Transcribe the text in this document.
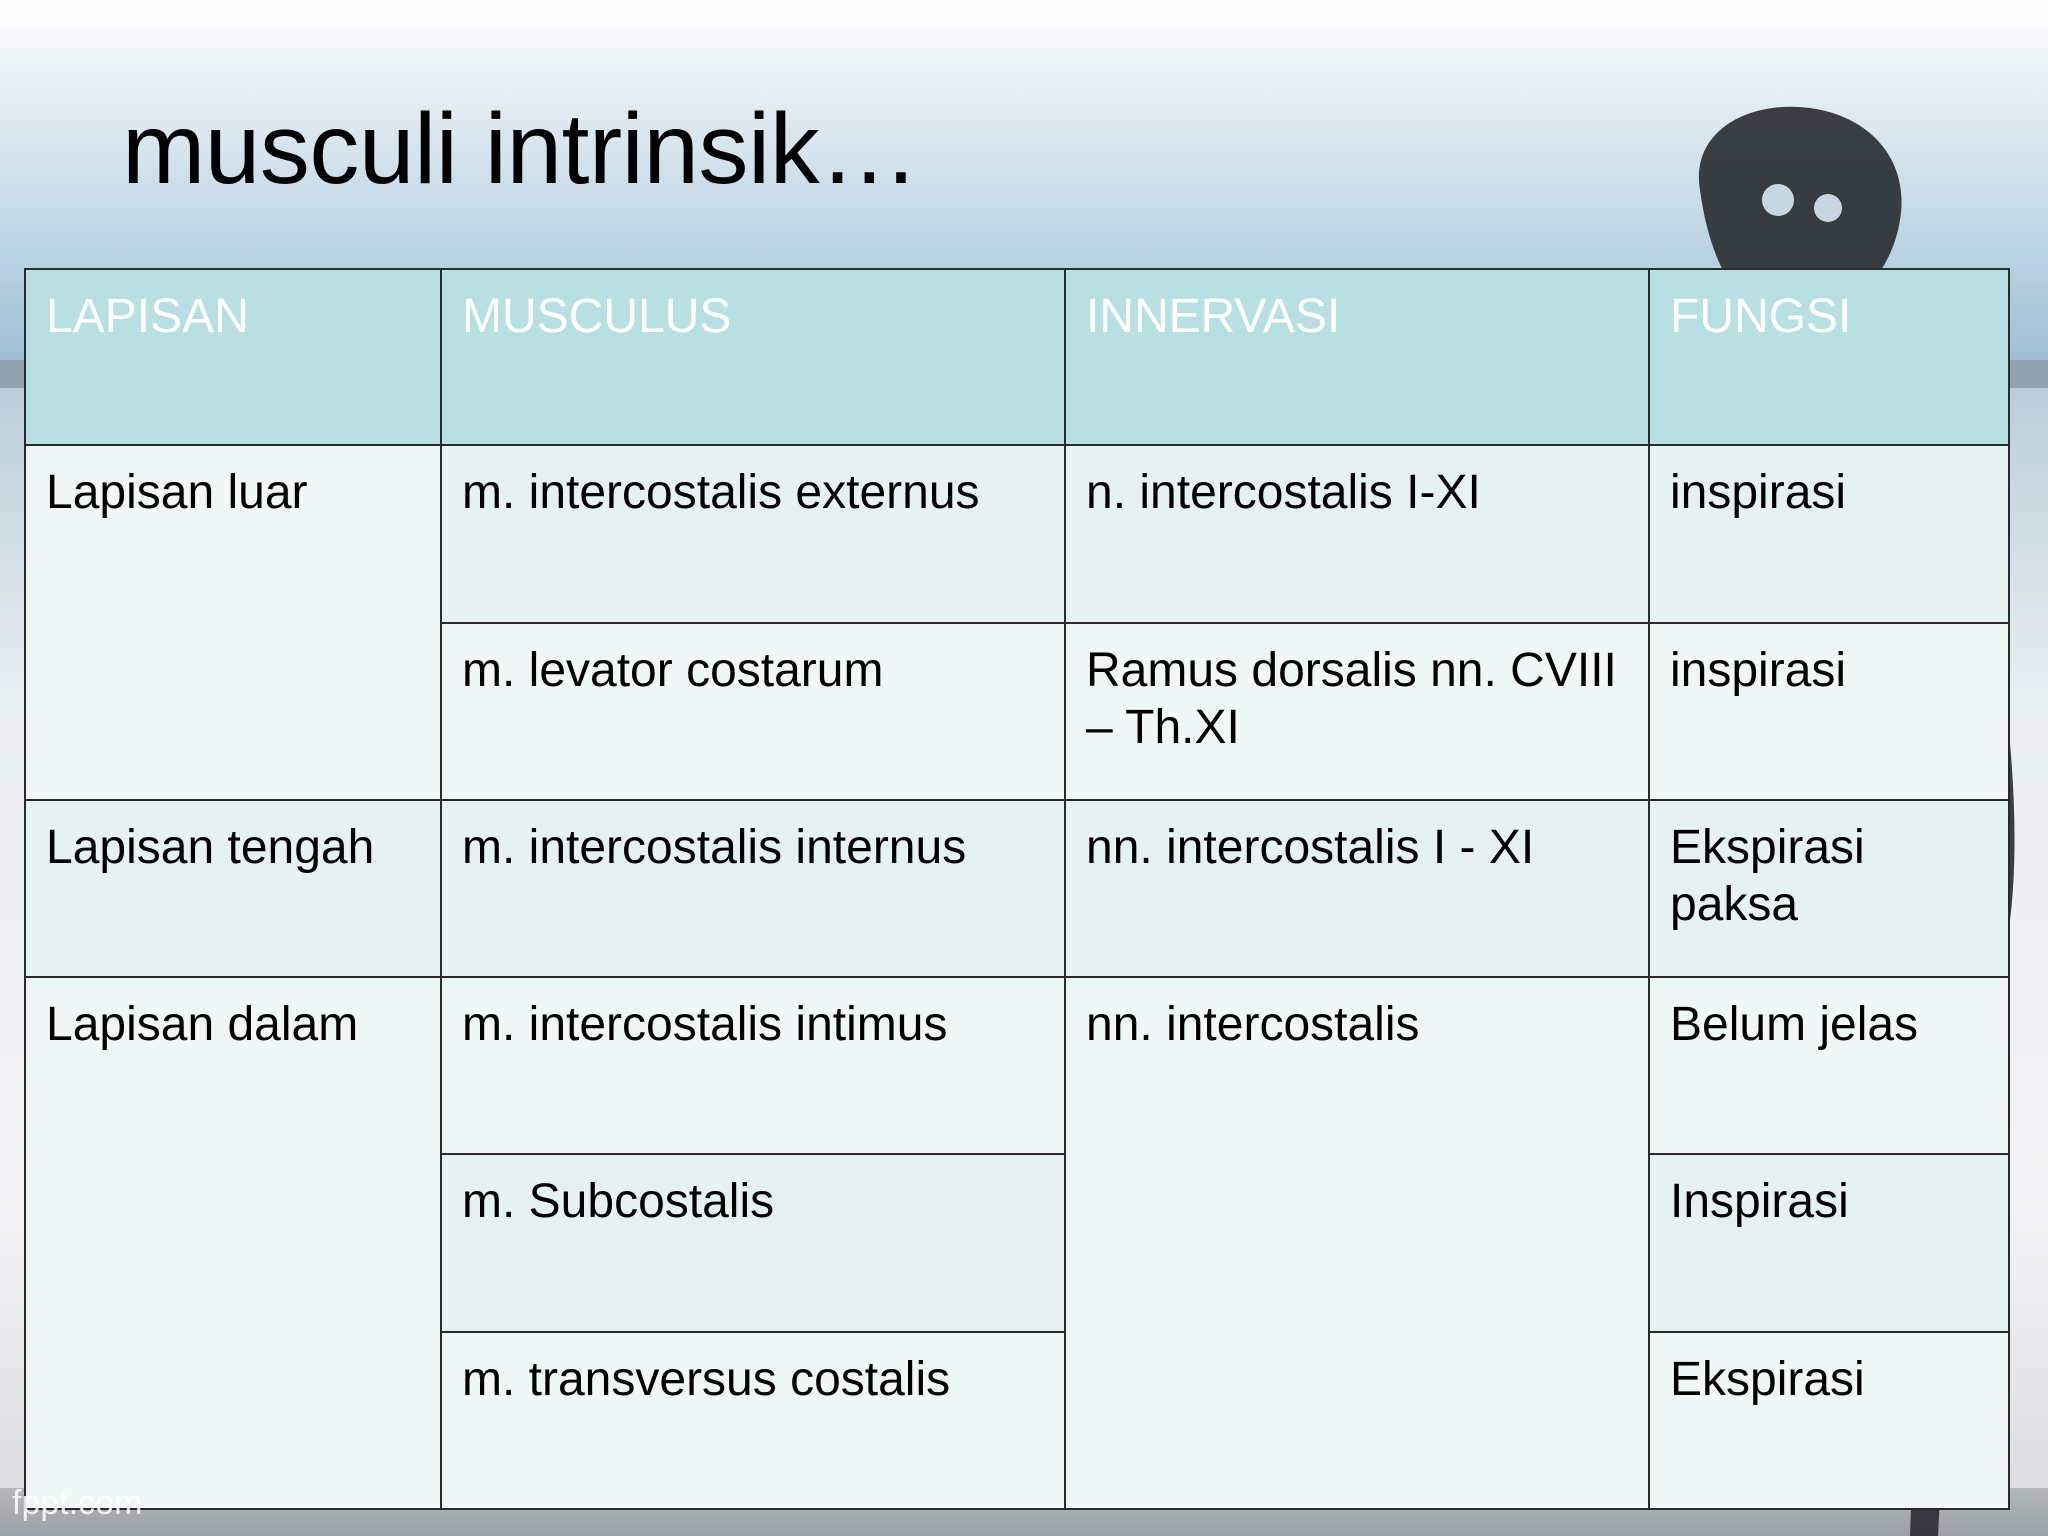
musculi intrinsik…
LAPISAN	MUSCULUS	INNERVASI	FUNGSI
Lapisan luar	m. intercostalis externus	n. intercostalis I-XI	inspirasi
	m. levator costarum	Ramus dorsalis nn. CVIII – Th.XI	inspirasi
Lapisan tengah	m. intercostalis internus	nn. intercostalis I - XI	Ekspirasi paksa
Lapisan dalam	m. intercostalis intimus	nn. intercostalis	Belum jelas
	m. Subcostalis		Inspirasi
	m. transversus costalis		Ekspirasi
fppt.com
